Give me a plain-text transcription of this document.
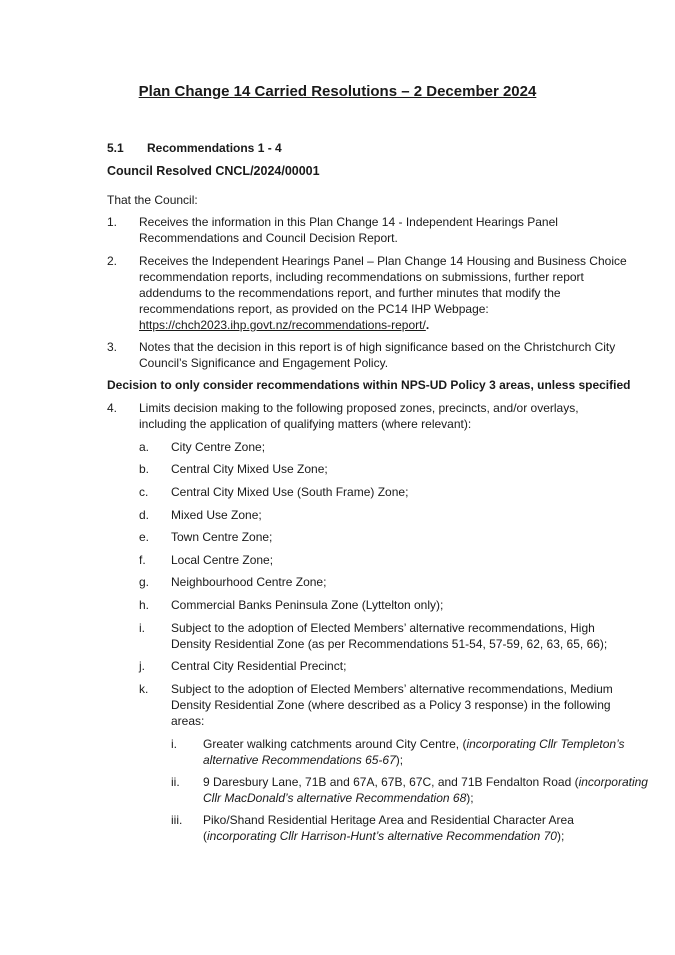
Plan Change 14 Carried Resolutions – 2 December 2024
5.1 Recommendations 1 - 4
Council Resolved CNCL/2024/00001
That the Council:
1. Receives the information in this Plan Change 14 - Independent Hearings Panel
Recommendations and Council Decision Report.
2. Receives the Independent Hearings Panel – Plan Change 14 Housing and Business Choice
recommendation reports, including recommendations on submissions, further report
addendums to the recommendations report, and further minutes that modify the
recommendations report, as provided on the PC14 IHP Webpage:
https://chch2023.ihp.govt.nz/recommendations-report/.
3. Notes that the decision in this report is of high significance based on the Christchurch City
Council’s Significance and Engagement Policy.
Decision to only consider recommendations within NPS-UD Policy 3 areas, unless specified
4. Limits decision making to the following proposed zones, precincts, and/or overlays,
including the application of qualifying matters (where relevant):
a. City Centre Zone;
b. Central City Mixed Use Zone;
c. Central City Mixed Use (South Frame) Zone;
d. Mixed Use Zone;
e. Town Centre Zone;
f. Local Centre Zone;
g. Neighbourhood Centre Zone;
h. Commercial Banks Peninsula Zone (Lyttelton only);
i. Subject to the adoption of Elected Members’ alternative recommendations, High
Density Residential Zone (as per Recommendations 51-54, 57-59, 62, 63, 65, 66);
j. Central City Residential Precinct;
k. Subject to the adoption of Elected Members’ alternative recommendations, Medium
Density Residential Zone (where described as a Policy 3 response) in the following
areas:
i. Greater walking catchments around City Centre, (incorporating Cllr Templeton’s
alternative Recommendations 65-67);
ii. 9 Daresbury Lane, 71B and 67A, 67B, 67C, and 71B Fendalton Road (incorporating
Cllr MacDonald’s alternative Recommendation 68);
iii. Piko/Shand Residential Heritage Area and Residential Character Area
(incorporating Cllr Harrison-Hunt’s alternative Recommendation 70);
